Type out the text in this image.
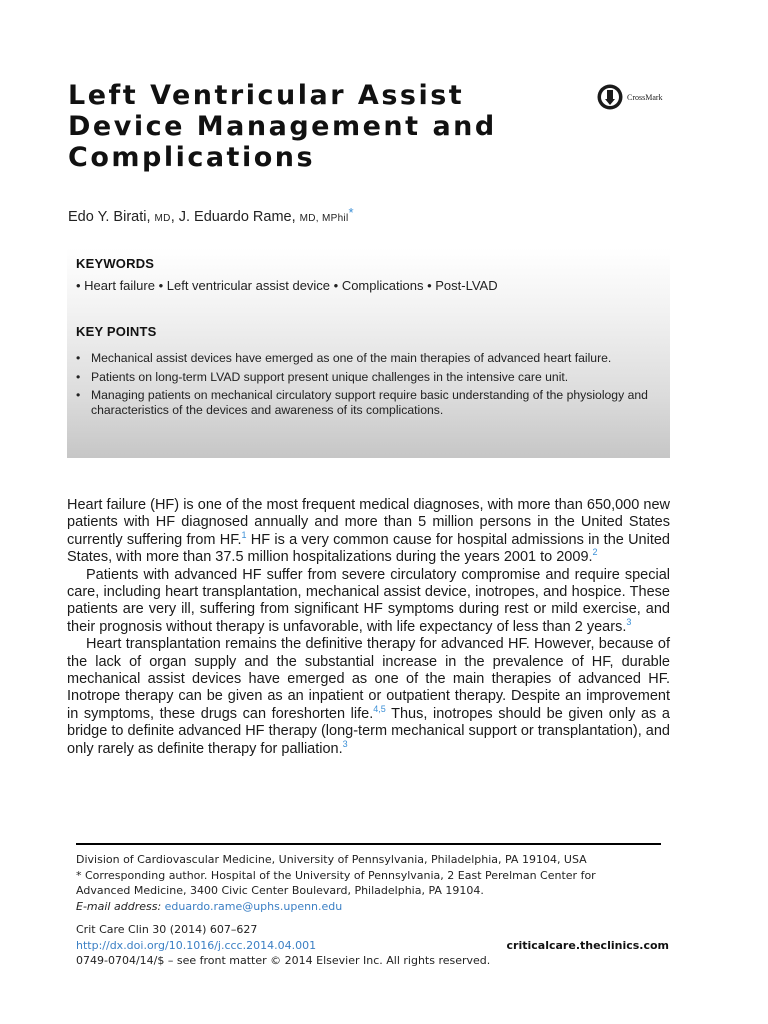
Left Ventricular Assist
Device Management and
Complications
CrossMark
Edo Y. Birati, MD, J. Eduardo Rame, MD, MPhil*
KEYWORDS
• Heart failure • Left ventricular assist device • Complications • Post-LVAD
KEY POINTS
• Mechanical assist devices have emerged as one of the main therapies of advanced heart failure.
• Patients on long-term LVAD support present unique challenges in the intensive care unit.
• Managing patients on mechanical circulatory support require basic understanding of the physiology and characteristics of the devices and awareness of its complications.

Heart failure (HF) is one of the most frequent medical diagnoses, with more than 650,000 new patients with HF diagnosed annually and more than 5 million persons in the United States currently suffering from HF.$^1$ HF is a very common cause for hospital admissions in the United States, with more than 37.5 million hospitalizations during the years 2001 to 2009.$^2$

Patients with advanced HF suffer from severe circulatory compromise and require special care, including heart transplantation, mechanical assist device, inotropes, and hospice. These patients are very ill, suffering from significant HF symptoms during rest or mild exercise, and their prognosis without therapy is unfavorable, with life expectancy of less than 2 years.$^3$

Heart transplantation remains the definitive therapy for advanced HF. However, because of the lack of organ supply and the substantial increase in the prevalence of HF, durable mechanical assist devices have emerged as one of the main therapies of advanced HF. Inotrope therapy can be given as an inpatient or outpatient therapy. Despite an improvement in symptoms, these drugs can foreshorten life.$^{4,5}$ Thus, inotropes should be given only as a bridge to definite advanced HF therapy (long-term mechanical support or transplantation), and only rarely as definite therapy for palliation.$^3$

Division of Cardiovascular Medicine, University of Pennsylvania, Philadelphia, PA 19104, USA
* Corresponding author. Hospital of the University of Pennsylvania, 2 East Perelman Center for
Advanced Medicine, 3400 Civic Center Boulevard, Philadelphia, PA 19104.
E-mail address: eduardo.rame@uphs.upenn.edu
Crit Care Clin 30 (2014) 607–627
http://dx.doi.org/10.1016/j.ccc.2014.04.001	criticalcare.theclinics.com
0749-0704/14/$ – see front matter © 2014 Elsevier Inc. All rights reserved.
